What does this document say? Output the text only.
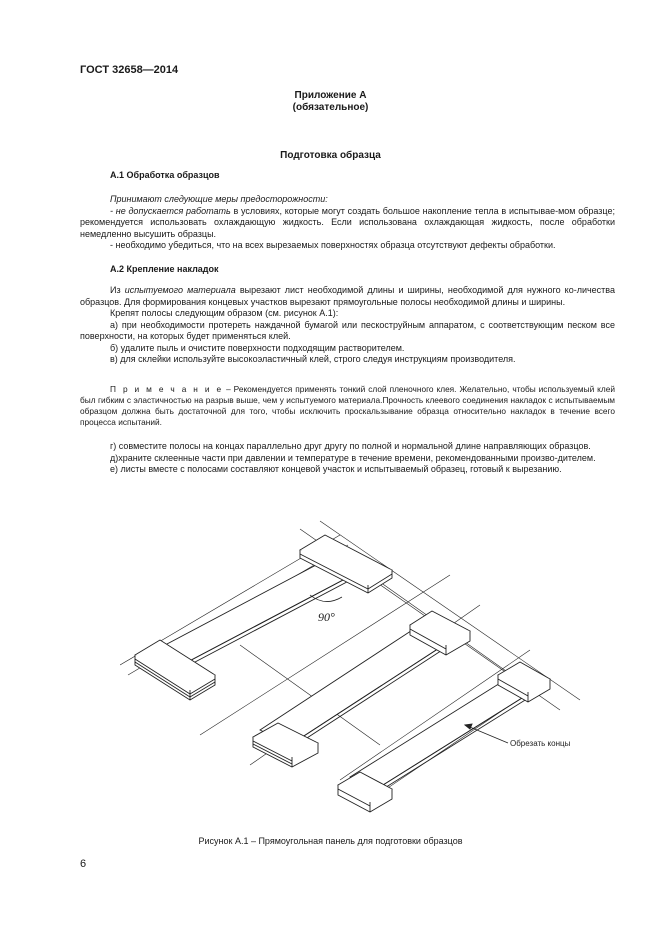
ГОСТ 32658—2014
Приложение А
(обязательное)
Подготовка образца
А.1 Обработка образцов

Принимают следующие меры предосторожности:

- не допускается работать в условиях, которые могут создать большое накопление тепла в испытывае-мом образце; рекомендуется использовать охлаждающую жидкость. Если использована охлаждающая жидкость, после обработки немедленно высушить образцы.

- необходимо убедиться, что на всех вырезаемых поверхностях образца отсутствуют дефекты обработки.

А.2 Крепление накладок

Из испытуемого материала вырезают лист необходимой длины и ширины, необходимой для нужного ко-личества образцов. Для формирования концевых участков вырезают прямоугольные полосы необходимой длины и ширины.

Крепят полосы следующим образом (см. рисунок А.1):

а) при необходимости протереть наждачной бумагой или пескоструйным аппаратом, с соответствующим песком все поверхности, на которых будет применяться клей.

б) удалите пыль и очистите поверхности подходящим растворителем.

в) для склейки используйте высокоэластичный клей, строго следуя инструкциям производителя.

П р и м е ч а н и е – Рекомендуется применять тонкий слой пленочного клея. Желательно, чтобы используемый клей был гибким с эластичностью на разрыв выше, чем у испытуемого материала.Прочность клеевого соединения накладок с испытываемым образцом должна быть достаточной для того, чтобы исключить проскальзывание образца относительно накладок в течение всего процесса испытаний.

г) совместите полосы на концах параллельно друг другу по полной и нормальной длине направляющих образцов.

д)храните склеенные части при давлении и температуре в течение времени, рекомендованными произво-дителем.

е) листы вместе с полосами составляют концевой участок и испытываемый образец, готовый к вырезанию.

90°
Обрезать концы
Рисунок А.1 – Прямоугольная панель для подготовки образцов
6
